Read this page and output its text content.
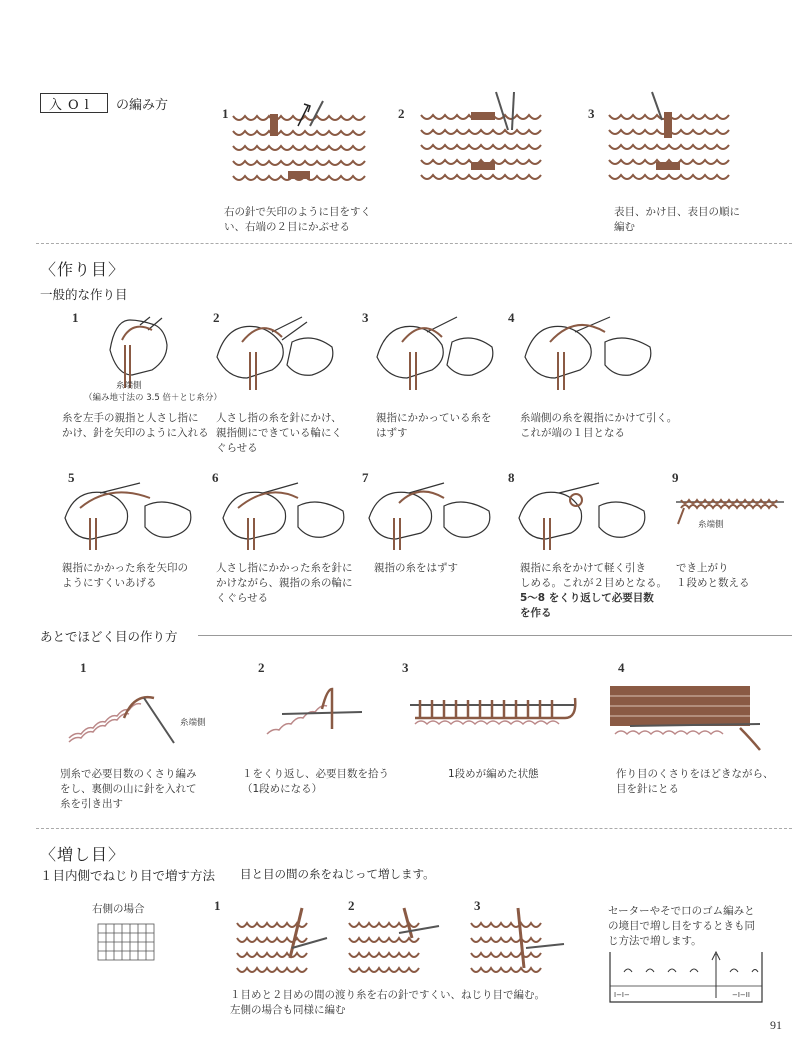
入Ol の編み方
1	2	3
右の針で矢印のように目をすく
い、右端の２目にかぶせる
表目、かけ目、表目の順に
編む
〈作り目〉
一般的な作り目
1	2	3	4
糸端側
（編み地寸法の 3.5 倍＋とじ糸分）
糸を左手の親指と人さし指に
かけ、針を矢印のように入れる
人さし指の糸を針にかけ、
親指側にできている輪にく
ぐらせる
親指にかかっている糸を
はずす
糸端側の糸を親指にかけて引く。
これが端の１目となる
5	6	7	8	9
糸端側
親指にかかった糸を矢印の
ようにすくいあげる
人さし指にかかった糸を針に
かけながら、親指の糸の輪に
くぐらせる
親指の糸をはずす	親指に糸をかけて軽く引き
しめる。これが２目めとなる。
5〜8 をくり返して必要目数
を作る
でき上がり
１段めと数える
あとでほどく目の作り方
1	2	3	4
糸端側
別糸で必要目数のくさり編み
をし、裏側の山に針を入れて
糸を引き出す
１をくり返し、必要目数を拾う
（1段めになる）
1段めが編めた状態	作り目のくさりをほどきながら、
目を針にとる
〈増し目〉
１目内側でねじり目で増す方法 目と目の間の糸をねじって増します。
右側の場合	1	2	3
１目めと２目めの間の渡り糸を右の針ですくい、ねじり目で編む。
左側の場合も同様に編む
セーターやそで口のゴム編みと
の境目で増し目をするときも同
じ方法で増します。
I−I−	−I−II
91
